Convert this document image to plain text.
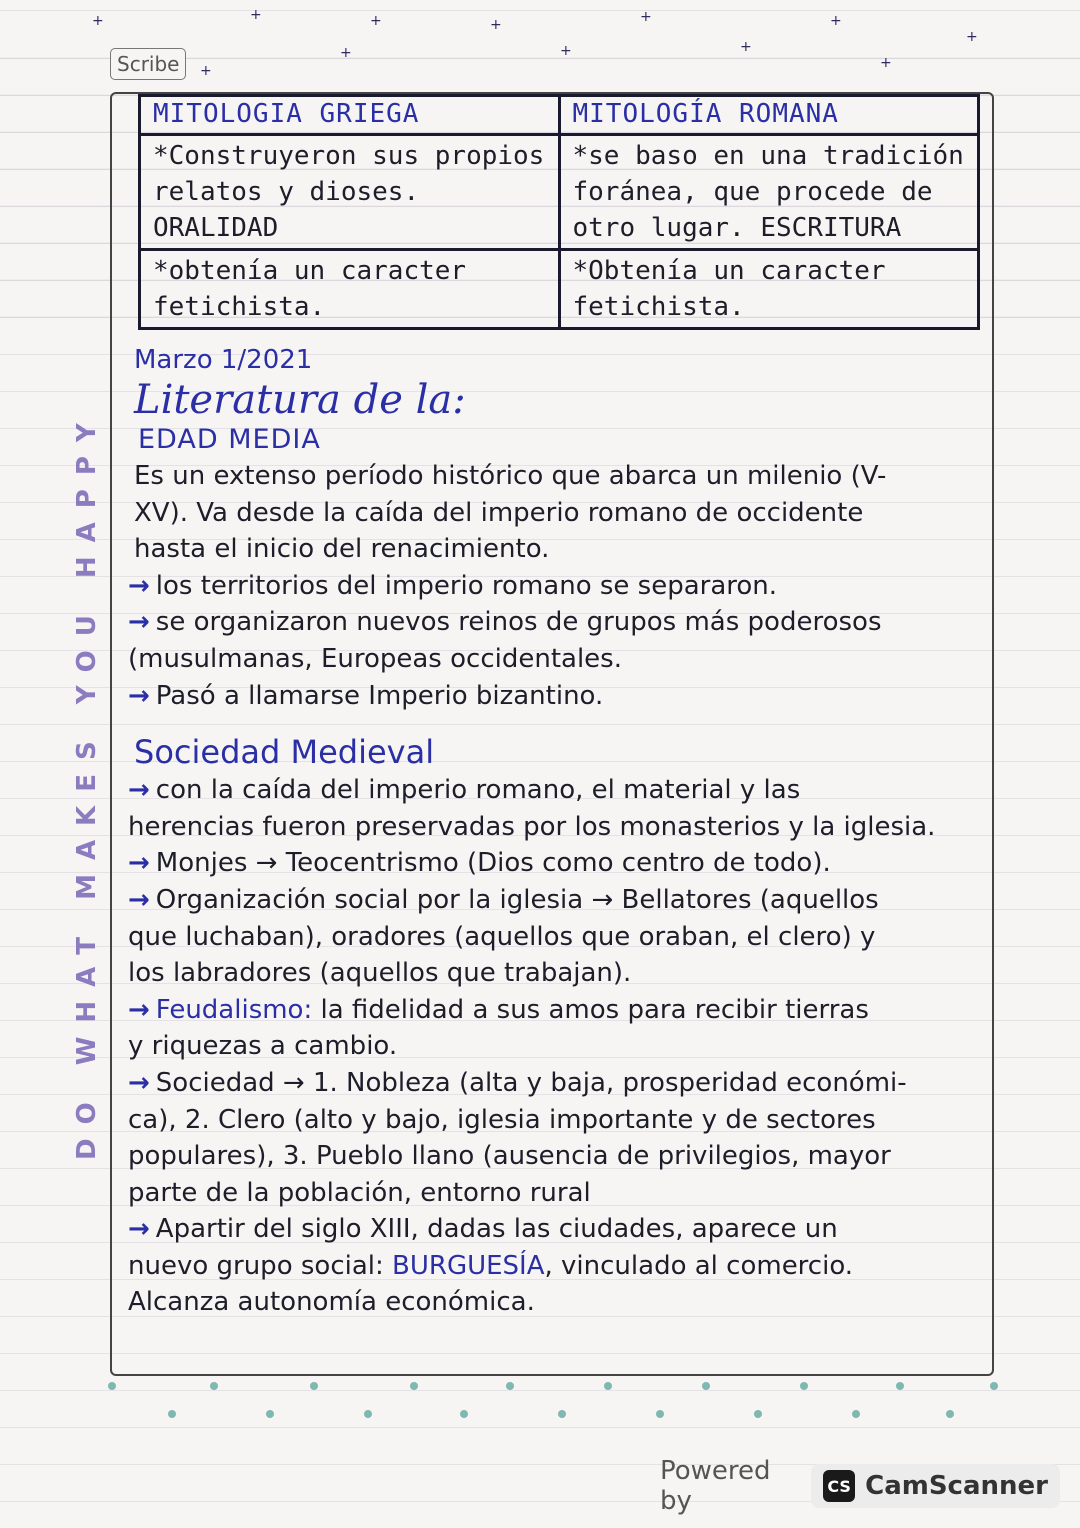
+	+	+	+
+
+
+
+
+
+
+
+
DO WHAT MAKES YOU HAPPY
Scribe
MITOLOGIA GRIEGA	MITOLOGÍA ROMANA
*Construyeron sus propios relatos y dioses. ORALIDAD	*se baso en una tradición foránea, que procede de otro lugar. ESCRITURA
*obtenía un caracter fetichista.	*Obtenía un caracter fetichista.
Marzo 1/2021
Literatura de la:
EDAD MEDIA
Es un extenso período histórico que abarca un milenio (V-
XV). Va desde la caída del imperio romano de occidente
hasta el inicio del renacimiento.
→ los territorios del imperio romano se separaron.
→ se organizaron nuevos reinos de grupos más poderosos
(musulmanas, Europeas occidentales.
→ Pasó a llamarse Imperio bizantino.
Sociedad Medieval
→ con la caída del imperio romano, el material y las
herencias fueron preservadas por los monasterios y la iglesia.
→ Monjes → Teocentrismo (Dios como centro de todo).
→ Organización social por la iglesia → Bellatores (aquellos
que luchaban), oradores (aquellos que oraban, el clero) y
los labradores (aquellos que trabajan).
→ Feudalismo: la fidelidad a sus amos para recibir tierras
y riquezas a cambio.
→ Sociedad → 1. Nobleza (alta y baja, prosperidad económi-
ca), 2. Clero (alto y bajo, iglesia importante y de sectores
populares), 3. Pueblo llano (ausencia de privilegios, mayor
parte de la población, entorno rural
→ Apartir del siglo XIII, dadas las ciudades, aparece un
nuevo grupo social: BURGUESÍA, vinculado al comercio.
Alcanza autonomía económica.
Powered by	CS CamScanner
